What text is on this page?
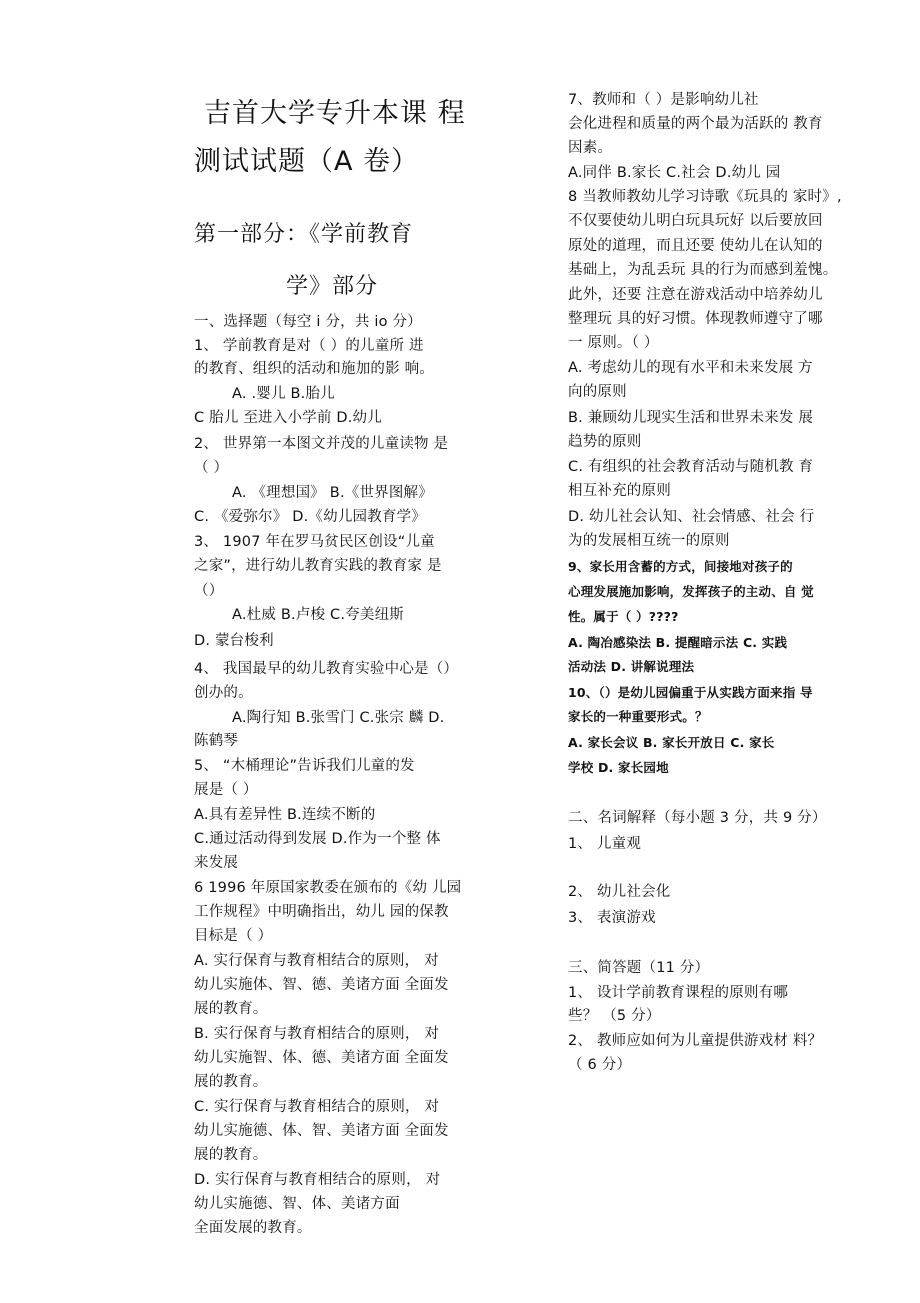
吉首大学专升本课 程
测试试题（A 卷）
第一部分：《学前教育
学》部分
一、选择题（每空 i 分，共 io 分）
1、 学前教育是对（ ）的儿童所 进
的教育、组织的活动和施加的影 响。
A. .婴儿 B.胎儿
C 胎儿 至进入小学前 D.幼儿
2、 世界第一本图文并茂的儿童读物 是
（ ）
A. 《理想国》 B.《世界图解》
C. 《爱弥尔》 D.《幼儿园教育学》
3、 1907 年在罗马贫民区创设“儿童
之家”，进行幼儿教育实践的教育家 是
（）
A.杜威 B.卢梭 C.夸美纽斯
D. 蒙台梭利
4、 我国最早的幼儿教育实验中心是（）
创办的。
A.陶行知 B.张雪门 C.张宗 麟 D.
陈鹤琴
5、 “木桶理论”告诉我们儿童的发
展是（ ）
A.具有差异性 B.连续不断的
C.通过活动得到发展 D.作为一个整 体
来发展
6 1996 年原国家教委在颁布的《幼 儿园
工作规程》中明确指出，幼儿 园的保教
目标是（ ）
A. 实行保育与教育相结合的原则， 对
幼儿实施体、智、德、美诸方面 全面发
展的教育。
B. 实行保育与教育相结合的原则， 对
幼儿实施智、体、德、美诸方面 全面发
展的教育。
C. 实行保育与教育相结合的原则， 对
幼儿实施德、体、智、美诸方面 全面发
展的教育。
D. 实行保育与教育相结合的原则， 对
幼儿实施德、智、体、美诸方面
全面发展的教育。
7、教师和（ ）是影响幼儿社
会化进程和质量的两个最为活跃的 教育
因素。
A.同伴 B.家长 C.社会 D.幼儿 园
8 当教师教幼儿学习诗歌《玩具的 家时》,
不仅要使幼儿明白玩具玩好 以后要放回
原处的道理，而且还要 使幼儿在认知的
基础上，为乱丢玩 具的行为而感到羞愧。
此外，还要 注意在游戏活动中培养幼儿
整理玩 具的好习惯。体现教师遵守了哪
一 原则。（ ）
A. 考虑幼儿的现有水平和未来发展 方
向的原则
B. 兼顾幼儿现实生活和世界未来发 展
趋势的原则
C. 有组织的社会教育活动与随机教 育
相互补充的原则
D. 幼儿社会认知、社会情感、社会 行
为的发展相互统一的原则
9、家长用含蓄的方式，间接地对孩子的
心理发展施加影响，发挥孩子的主动、自 觉
性。属于（ ）????
A. 陶冶感染法 B. 提醒暗示法 C. 实践
活动法 D. 讲解说理法
10、（）是幼儿园偏重于从实践方面来指 导
家长的一种重要形式。？
A. 家长会议 B. 家长开放日 C. 家长
学校 D. 家长园地
二、名词解释（每小题 3 分，共 9 分）
1、 儿童观
2、 幼儿社会化
3、 表演游戏
三、简答题（11 分）
1、 设计学前教育课程的原则有哪
些？ （5 分）
2、 教师应如何为儿童提供游戏材 料？
（ 6 分）
